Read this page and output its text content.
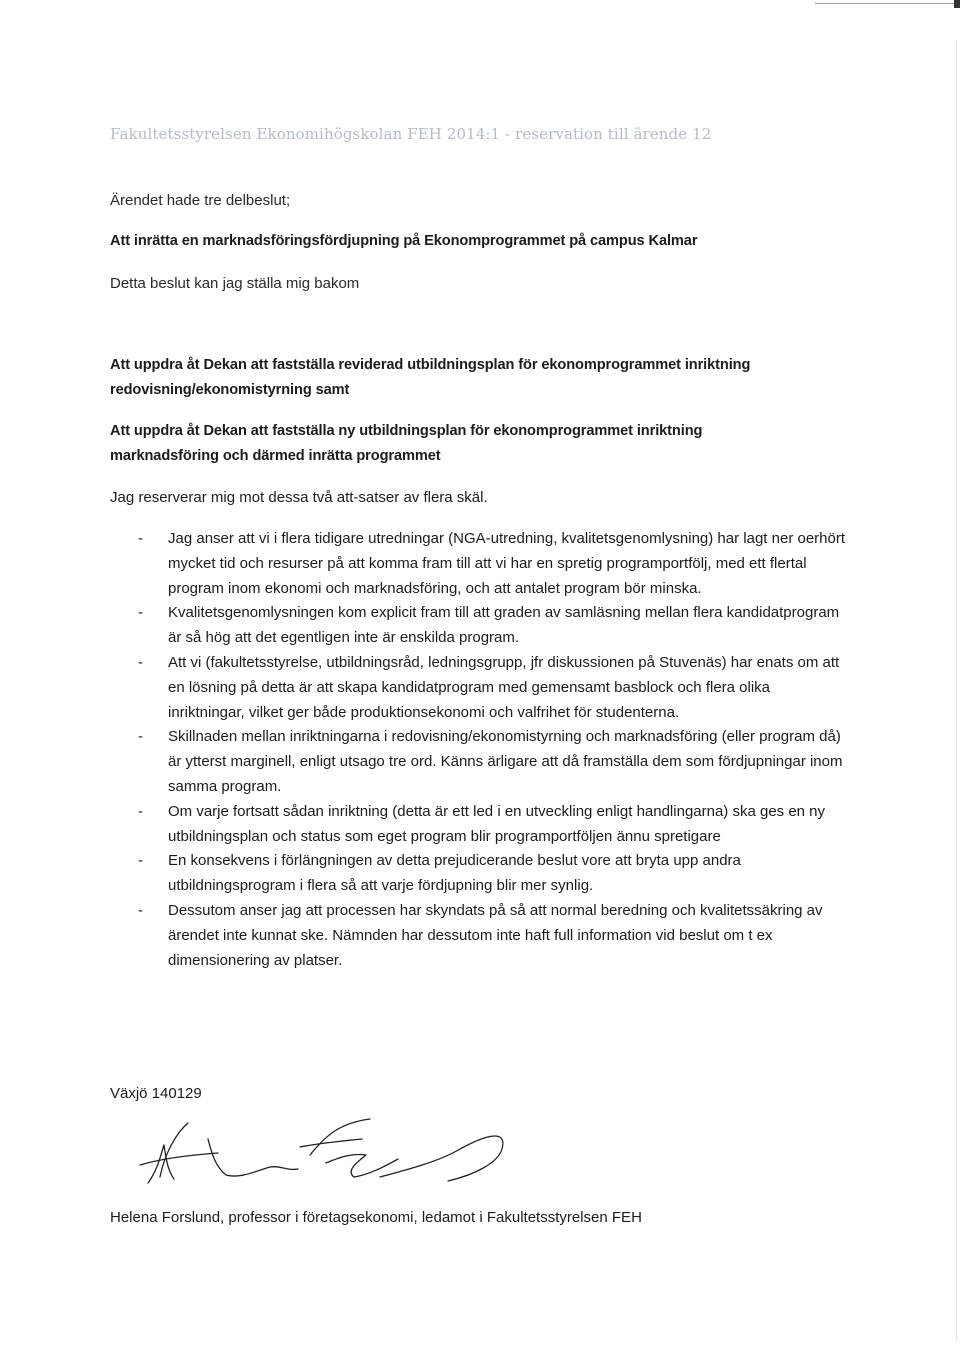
Fakultetsstyrelsen Ekonomihögskolan FEH 2014:1 - reservation till ärende 12
Ärendet hade tre delbeslut;
Att inrätta en marknadsföringsfördjupning på Ekonomprogrammet på campus Kalmar
Detta beslut kan jag ställa mig bakom
Att uppdra åt Dekan att fastställa reviderad utbildningsplan för ekonomprogrammet inriktning
redovisning/ekonomistyrning samt
Att uppdra åt Dekan att fastställa ny utbildningsplan för ekonomprogrammet inriktning
marknadsföring och därmed inrätta programmet
Jag reserverar mig mot dessa två att-satser av flera skäl.
- Jag anser att vi i flera tidigare utredningar (NGA-utredning, kvalitetsgenomlysning) har lagt ner oerhört mycket tid och resurser på att komma fram till att vi har en spretig programportfölj, med ett flertal program inom ekonomi och marknadsföring, och att antalet program bör minska.
- Kvalitetsgenomlysningen kom explicit fram till att graden av samläsning mellan flera kandidatprogram är så hög att det egentligen inte är enskilda program.
- Att vi (fakultetsstyrelse, utbildningsråd, ledningsgrupp, jfr diskussionen på Stuvenäs) har enats om att en lösning på detta är att skapa kandidatprogram med gemensamt basblock och flera olika inriktningar, vilket ger både produktionsekonomi och valfrihet för studenterna.
- Skillnaden mellan inriktningarna i redovisning/ekonomistyrning och marknadsföring (eller program då) är ytterst marginell, enligt utsago tre ord. Känns ärligare att då framställa dem som fördjupningar inom samma program.
- Om varje fortsatt sådan inriktning (detta är ett led i en utveckling enligt handlingarna) ska ges en ny utbildningsplan och status som eget program blir programportföljen ännu spretigare
- En konsekvens i förlängningen av detta prejudicerande beslut vore att bryta upp andra utbildningsprogram i flera så att varje fördjupning blir mer synlig.
- Dessutom anser jag att processen har skyndats på så att normal beredning och kvalitetssäkring av ärendet inte kunnat ske. Nämnden har dessutom inte haft full information vid beslut om t ex dimensionering av platser.
Växjö 140129
Helena Forslund, professor i företagsekonomi, ledamot i Fakultetsstyrelsen FEH
